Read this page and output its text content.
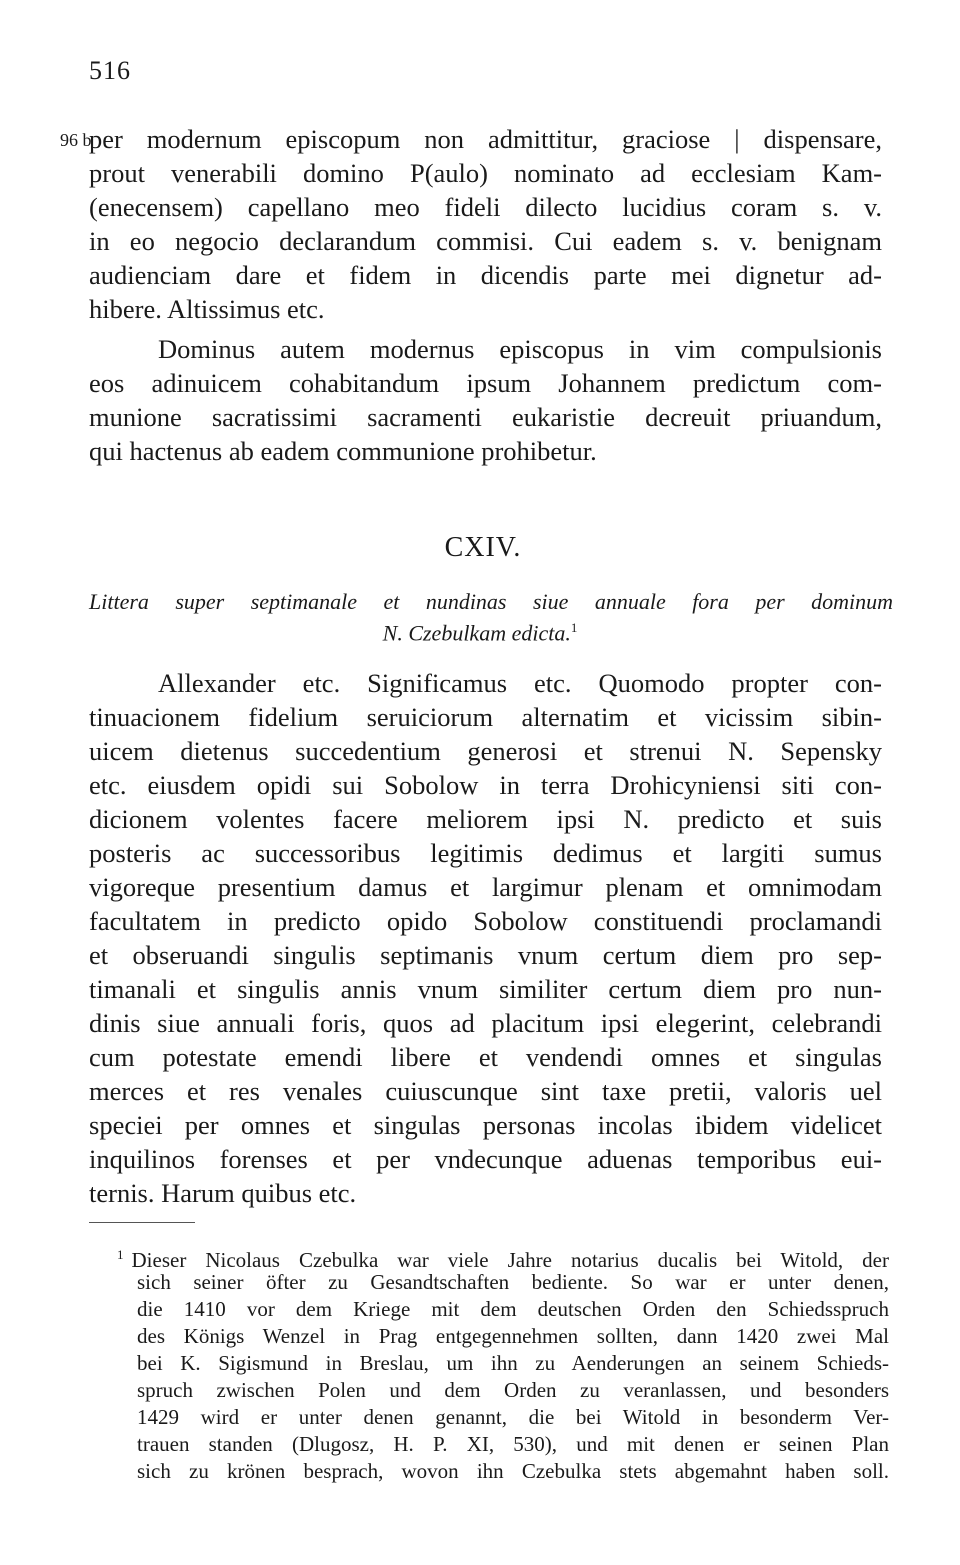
516
96 b
per modernum episcopum non admittitur, graciose | dispensare,
prout venerabili domino P(aulo) nominato ad ecclesiam Kam-
(enecensem) capellano meo fideli dilecto lucidius coram s. v.
in eo negocio declarandum commisi. Cui eadem s. v. benignam
audienciam dare et fidem in dicendis parte mei dignetur ad-
hibere. Altissimus etc.
Dominus autem modernus episcopus in vim compulsionis
eos adinuicem cohabitandum ipsum Johannem predictum com-
munione sacratissimi sacramenti eukaristie decreuit priuandum,
qui hactenus ab eadem communione prohibetur.
CXIV.
Littera super septimanale et nundinas siue annuale fora per dominum
N. Czebulkam edicta.$^1$
Allexander etc. Significamus etc. Quomodo propter con-
tinuacionem fidelium seruiciorum alternatim et vicissim sibin-
uicem dietenus succedentium generosi et strenui N. Sepensky
etc. eiusdem opidi sui Sobolow in terra Drohicyniensi siti con-
dicionem volentes facere meliorem ipsi N. predicto et suis
posteris ac successoribus legitimis dedimus et largiti sumus
vigoreque presentium damus et largimur plenam et omnimodam
facultatem in predicto opido Sobolow constituendi proclamandi
et obseruandi singulis septimanis vnum certum diem pro sep-
timanali et singulis annis vnum similiter certum diem pro nun-
dinis siue annuali foris, quos ad placitum ipsi elegerint, celebrandi
cum potestate emendi libere et vendendi omnes et singulas
merces et res venales cuiuscunque sint taxe pretii, valoris uel
speciei per omnes et singulas personas incolas ibidem videlicet
inquilinos forenses et per vndecunque aduenas temporibus eui-
ternis. Harum quibus etc.
$^1$ Dieser Nicolaus Czebulka war viele Jahre notarius ducalis bei Witold, der
sich seiner öfter zu Gesandtschaften bediente. So war er unter denen,
die 1410 vor dem Kriege mit dem deutschen Orden den Schiedsspruch
des Königs Wenzel in Prag entgegennehmen sollten, dann 1420 zwei Mal
bei K. Sigismund in Breslau, um ihn zu Aenderungen an seinem Schieds-
spruch zwischen Polen und dem Orden zu veranlassen, und besonders
1429 wird er unter denen genannt, die bei Witold in besonderm Ver-
trauen standen (Dlugosz, H. P. XI, 530), und mit denen er seinen Plan
sich zu krönen besprach, wovon ihn Czebulka stets abgemahnt haben soll.
